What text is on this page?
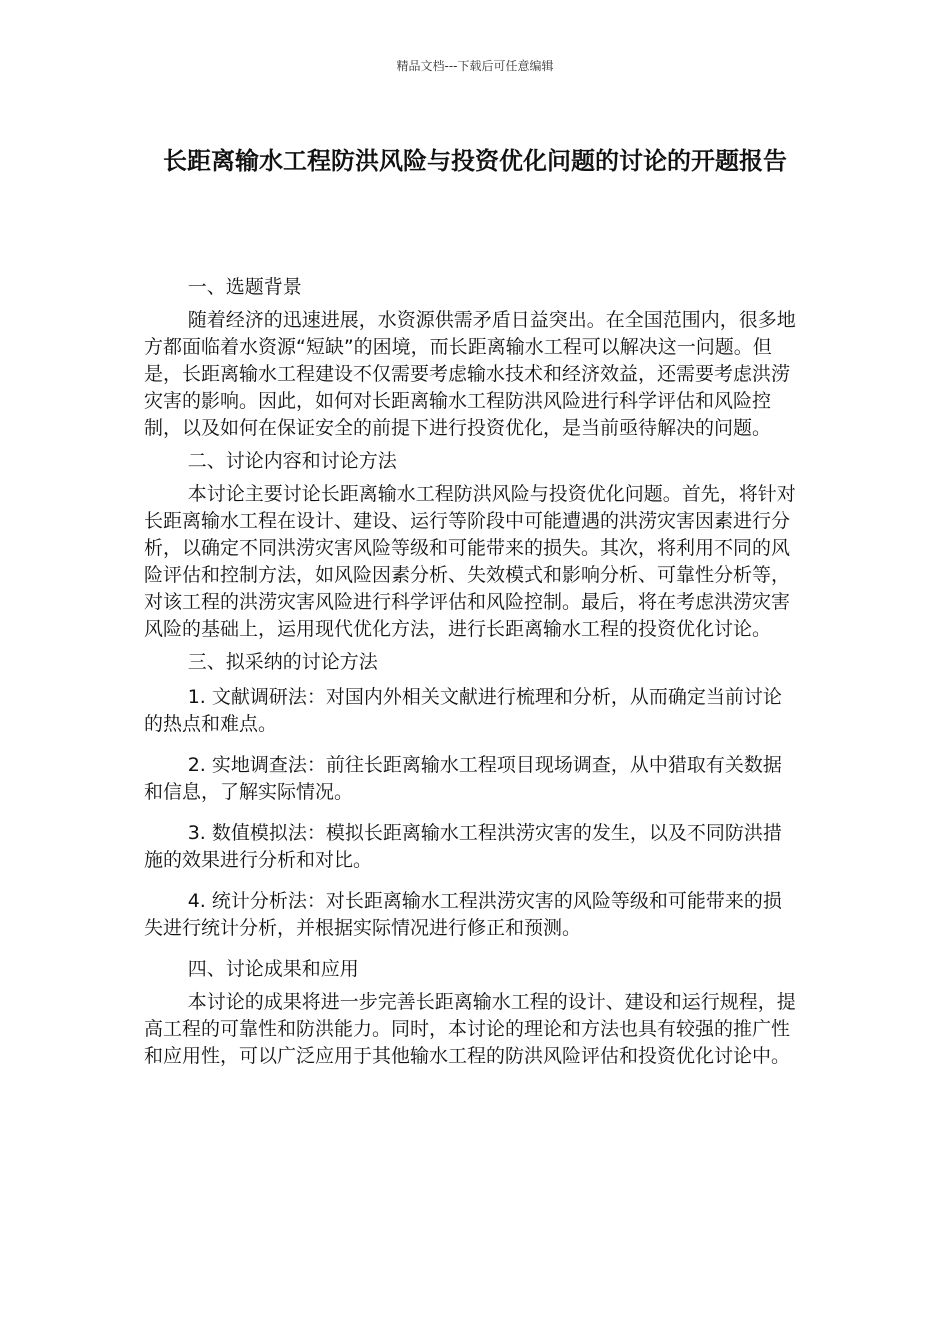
精品文档---下载后可任意编辑
长距离输水工程防洪风险与投资优化问题的讨论的开题报告

一、选题背景

随着经济的迅速进展，水资源供需矛盾日益突出。在全国范围内，很多地方都面临着水资源“短缺”的困境，而长距离输水工程可以解决这一问题。但是，长距离输水工程建设不仅需要考虑输水技术和经济效益，还需要考虑洪涝灾害的影响。因此，如何对长距离输水工程防洪风险进行科学评估和风险控制，以及如何在保证安全的前提下进行投资优化，是当前亟待解决的问题。

二、讨论内容和讨论方法

本讨论主要讨论长距离输水工程防洪风险与投资优化问题。首先，将针对长距离输水工程在设计、建设、运行等阶段中可能遭遇的洪涝灾害因素进行分析，以确定不同洪涝灾害风险等级和可能带来的损失。其次，将利用不同的风险评估和控制方法，如风险因素分析、失效模式和影响分析、可靠性分析等，对该工程的洪涝灾害风险进行科学评估和风险控制。最后，将在考虑洪涝灾害风险的基础上，运用现代优化方法，进行长距离输水工程的投资优化讨论。

三、拟采纳的讨论方法

1. 文献调研法：对国内外相关文献进行梳理和分析，从而确定当前讨论的热点和难点。

2. 实地调查法：前往长距离输水工程项目现场调查，从中猎取有关数据和信息，了解实际情况。

3. 数值模拟法：模拟长距离输水工程洪涝灾害的发生，以及不同防洪措施的效果进行分析和对比。

4. 统计分析法：对长距离输水工程洪涝灾害的风险等级和可能带来的损失进行统计分析，并根据实际情况进行修正和预测。

四、讨论成果和应用

本讨论的成果将进一步完善长距离输水工程的设计、建设和运行规程，提高工程的可靠性和防洪能力。同时，本讨论的理论和方法也具有较强的推广性和应用性，可以广泛应用于其他输水工程的防洪风险评估和投资优化讨论中。
